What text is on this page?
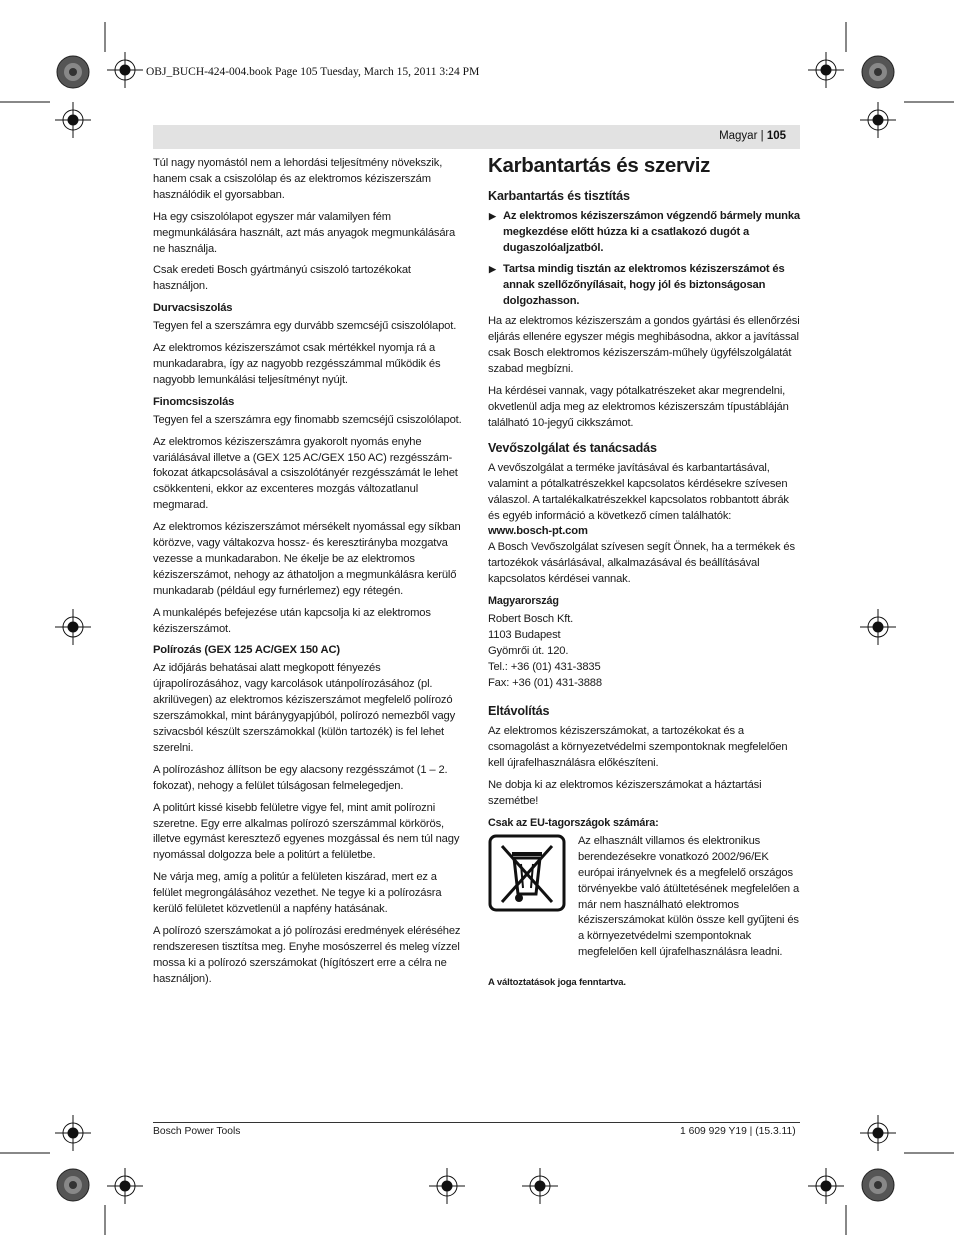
OBJ_BUCH-424-004.book Page 105 Tuesday, March 15, 2011 3:24 PM
Magyar | 105

Túl nagy nyomástól nem a lehordási teljesítmény növekszik, hanem csak a csiszolólap és az elektromos kéziszerszám használódik el gyorsabban.

Ha egy csiszolólapot egyszer már valamilyen fém megmunkálására használt, azt más anyagok megmunkálására ne használja.

Csak eredeti Bosch gyártmányú csiszoló tartozékokat használjon.

Durvacsiszolás

Tegyen fel a szerszámra egy durvább szemcséjű csiszolólapot.

Az elektromos kéziszerszámot csak mértékkel nyomja rá a munkadarabra, így az nagyobb rezgésszámmal működik és nagyobb lemunkálási teljesítményt nyújt.

Finomcsiszolás

Tegyen fel a szerszámra egy finomabb szemcséjű csiszolólapot.

Az elektromos kéziszerszámra gyakorolt nyomás enyhe variálásával illetve a (GEX 125 AC/GEX 150 AC) rezgésszám-fokozat átkapcsolásával a csiszolótányér rezgésszámát le lehet csökkenteni, ekkor az excenteres mozgás változatlanul megmarad.

Az elektromos kéziszerszámot mérsékelt nyomással egy síkban körözve, vagy váltakozva hossz- és keresztirányba mozgatva vezesse a munkadarabon. Ne ékelje be az elektromos kéziszerszámot, nehogy az áthatoljon a megmunkálásra kerülő munkadarab (például egy furnérlemez) egy rétegén.

A munkalépés befejezése után kapcsolja ki az elektromos kéziszerszámot.

Polírozás (GEX 125 AC/GEX 150 AC)

Az időjárás behatásai alatt megkopott fényezés újrapolírozásához, vagy karcolások utánpolírozásához (pl. akrilüvegen) az elektromos kéziszerszámot megfelelő polírozó szerszámokkal, mint báránygyapjúból, polírozó nemezből vagy szivacsból készült szerszámokkal (külön tartozék) is fel lehet szerelni.

A polírozáshoz állítson be egy alacsony rezgésszámot (1 – 2. fokozat), nehogy a felület túlságosan felmelegedjen.

A politúrt kissé kisebb felületre vigye fel, mint amit polírozni szeretne. Egy erre alkalmas polírozó szerszámmal körkörös, illetve egymást keresztező egyenes mozgással és nem túl nagy nyomással dolgozza bele a politúrt a felületbe.

Ne várja meg, amíg a politúr a felületen kiszárad, mert ez a felület megrongálásához vezethet. Ne tegye ki a polírozásra kerülő felületet közvetlenül a napfény hatásának.

A polírozó szerszámokat a jó polírozási eredmények eléréséhez rendszeresen tisztítsa meg. Enyhe mosószerrel és meleg vízzel mossa ki a polírozó szerszámokat (hígítószert erre a célra ne használjon).

Karbantartás és szerviz
Karbantartás és tisztítás
▶ Az elektromos kéziszerszámon végzendő bármely munka megkezdése előtt húzza ki a csatlakozó dugót a dugaszolóaljzatból.
▶ Tartsa mindig tisztán az elektromos kéziszerszámot és annak szellőzőnyílásait, hogy jól és biztonságosan dolgozhasson.

Ha az elektromos kéziszerszám a gondos gyártási és ellenőrzési eljárás ellenére egyszer mégis meghibásodna, akkor a javítással csak Bosch elektromos kéziszerszám-műhely ügyfélszolgálatát szabad megbízni.

Ha kérdései vannak, vagy pótalkatrészeket akar megrendelni, okvetlenül adja meg az elektromos kéziszerszám típustábláján található 10-jegyű cikkszámot.

Vevőszolgálat és tanácsadás

A vevőszolgálat a terméke javításával és karbantartásával, valamint a pótalkatrészekkel kapcsolatos kérdésekre szívesen válaszol. A tartalékalkatrészekkel kapcsolatos robbantott ábrák és egyéb információ a következő címen találhatók:

www.bosch-pt.com

A Bosch Vevőszolgálat szívesen segít Önnek, ha a termékek és tartozékok vásárlásával, alkalmazásával és beállításával kapcsolatos kérdései vannak.

Magyarország

Robert Bosch Kft.

1103 Budapest

Gyömrői út. 120.

Tel.: +36 (01) 431-3835

Fax: +36 (01) 431-3888

Eltávolítás

Az elektromos kéziszerszámokat, a tartozékokat és a csomagolást a környezetvédelmi szempontoknak megfelelően kell újrafelhasználásra előkészíteni.

Ne dobja ki az elektromos kéziszerszámokat a háztartási szemétbe!

Csak az EU-tagországok számára:
Az elhasznált villamos és elektronikus berendezésekre vonatkozó 2002/96/EK európai irányelvnek és a megfelelő országos törvényekbe való átültetésének megfelelően a már nem használható elektromos kéziszerszámokat külön össze kell gyűjteni és a környezetvédelmi szempontoknak megfelelően kell újrafelhasználásra leadni.
A változtatások joga fenntartva.
Bosch Power Tools	1 609 929 Y19 | (15.3.11)
